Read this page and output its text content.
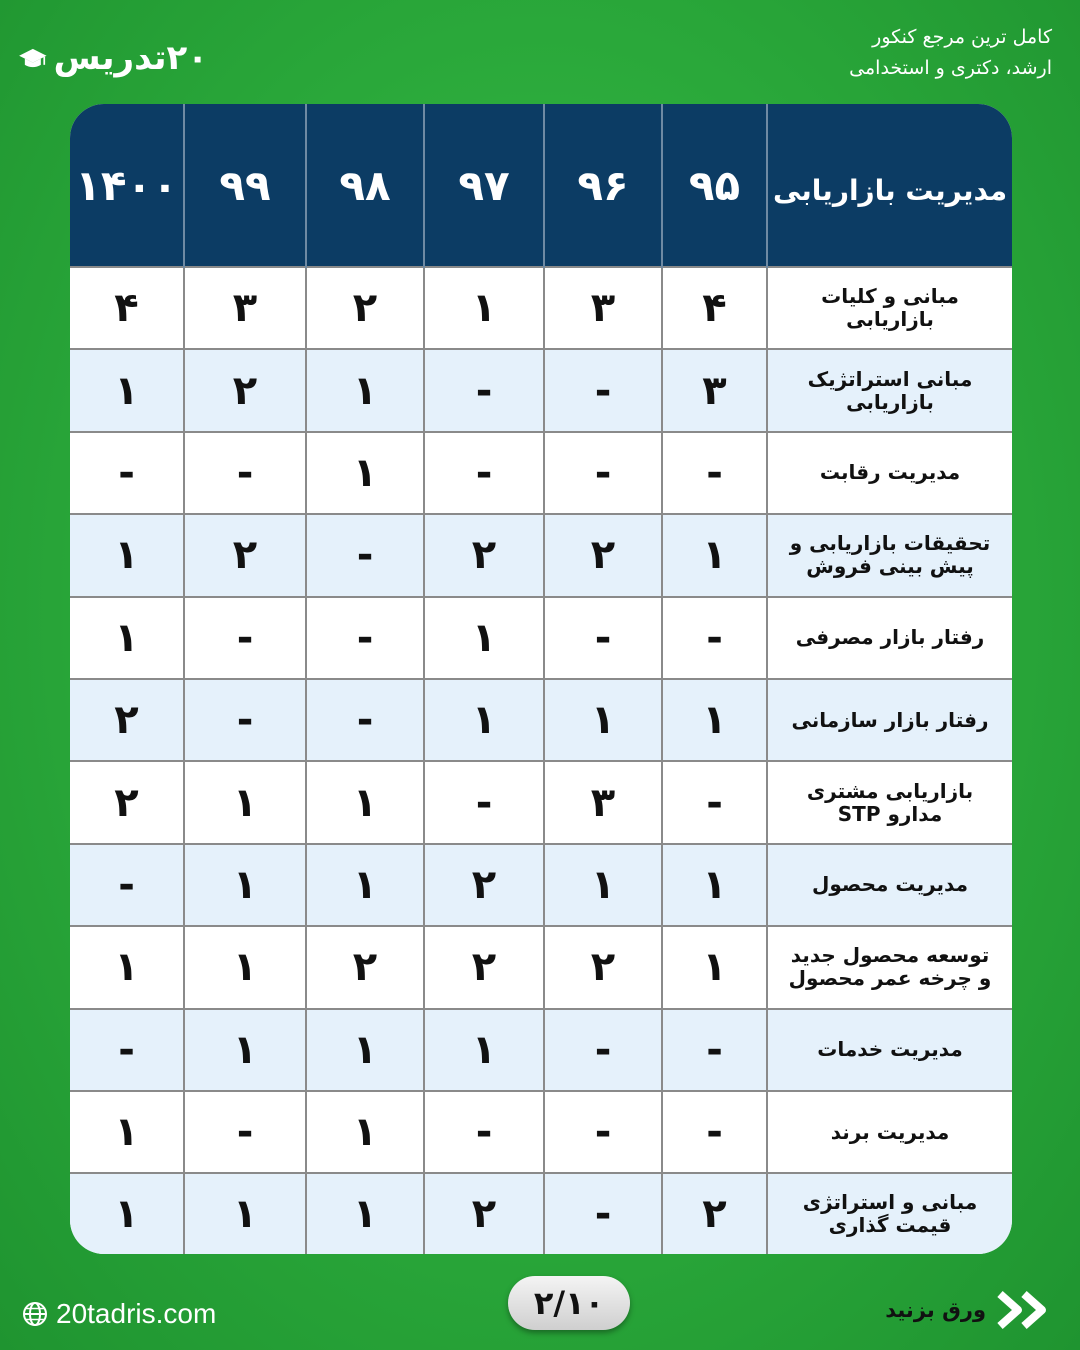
۲۰تدریس
کامل ترین مرجع کنکور
ارشد، دکتری و استخدامی
مدیریت بازاریابی	۹۵	۹۶	۹۷	۹۸	۹۹	۱۴۰۰
مبانی و کلیات بازاریابی	۴	۳	۱	۲	۳	۴
مبانی استراتژیک بازاریابی	۳	-	-	۱	۲	۱
مدیریت رقابت	-	-	-	۱	-	-
تحقیقات بازاریابی و پیش بینی فروش	۱	۲	۲	-	۲	۱
رفتار بازار مصرفی	-	-	۱	-	-	۱
رفتار بازار سازمانی	۱	۱	۱	-	-	۲
بازاریابی مشتری مدارو STP	-	۳	-	۱	۱	۲
مدیریت محصول	۱	۱	۲	۱	۱	-
توسعه محصول جدید و چرخه عمر محصول	۱	۲	۲	۲	۱	۱
مدیریت خدمات	-	-	۱	۱	۱	-
مدیریت برند	-	-	-	۱	-	۱
مبانی و استراتژی قیمت گذاری	۲	-	۲	۱	۱	۱
20tadris.com	۲/۱۰	ورق بزنید
